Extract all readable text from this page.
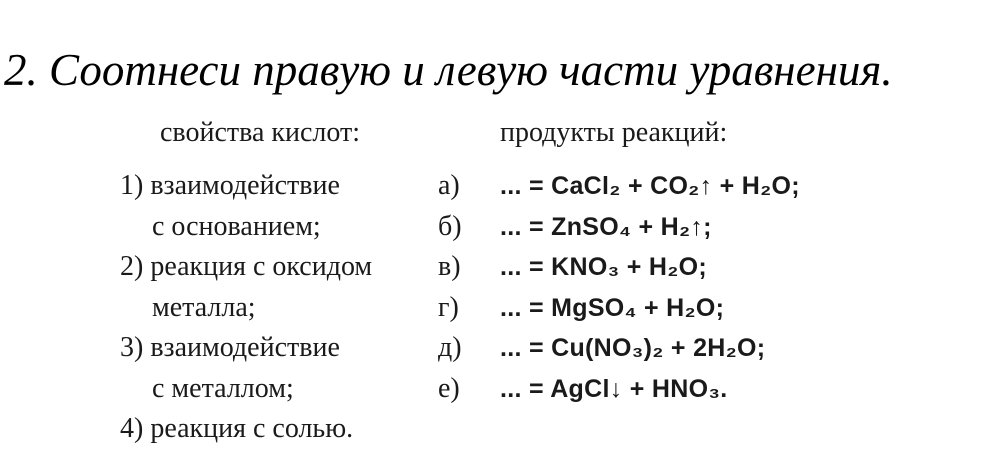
2. Соотнеси правую и левую части уравнения.
свойства кислот:	продукты реакций:
1) взаимодействие
с основанием;
2) реакция с оксидом
металла;
3) взаимодействие
с металлом;
4) реакция с солью.
а) ... = CaCl₂ + CO₂↑ + H₂O;
б) ... = ZnSO₄ + H₂↑;
в) ... = KNO₃ + H₂O;
г) ... = MgSO₄ + H₂O;
д) ... = Cu(NO₃)₂ + 2H₂O;
е) ... = AgCl↓ + HNO₃.
